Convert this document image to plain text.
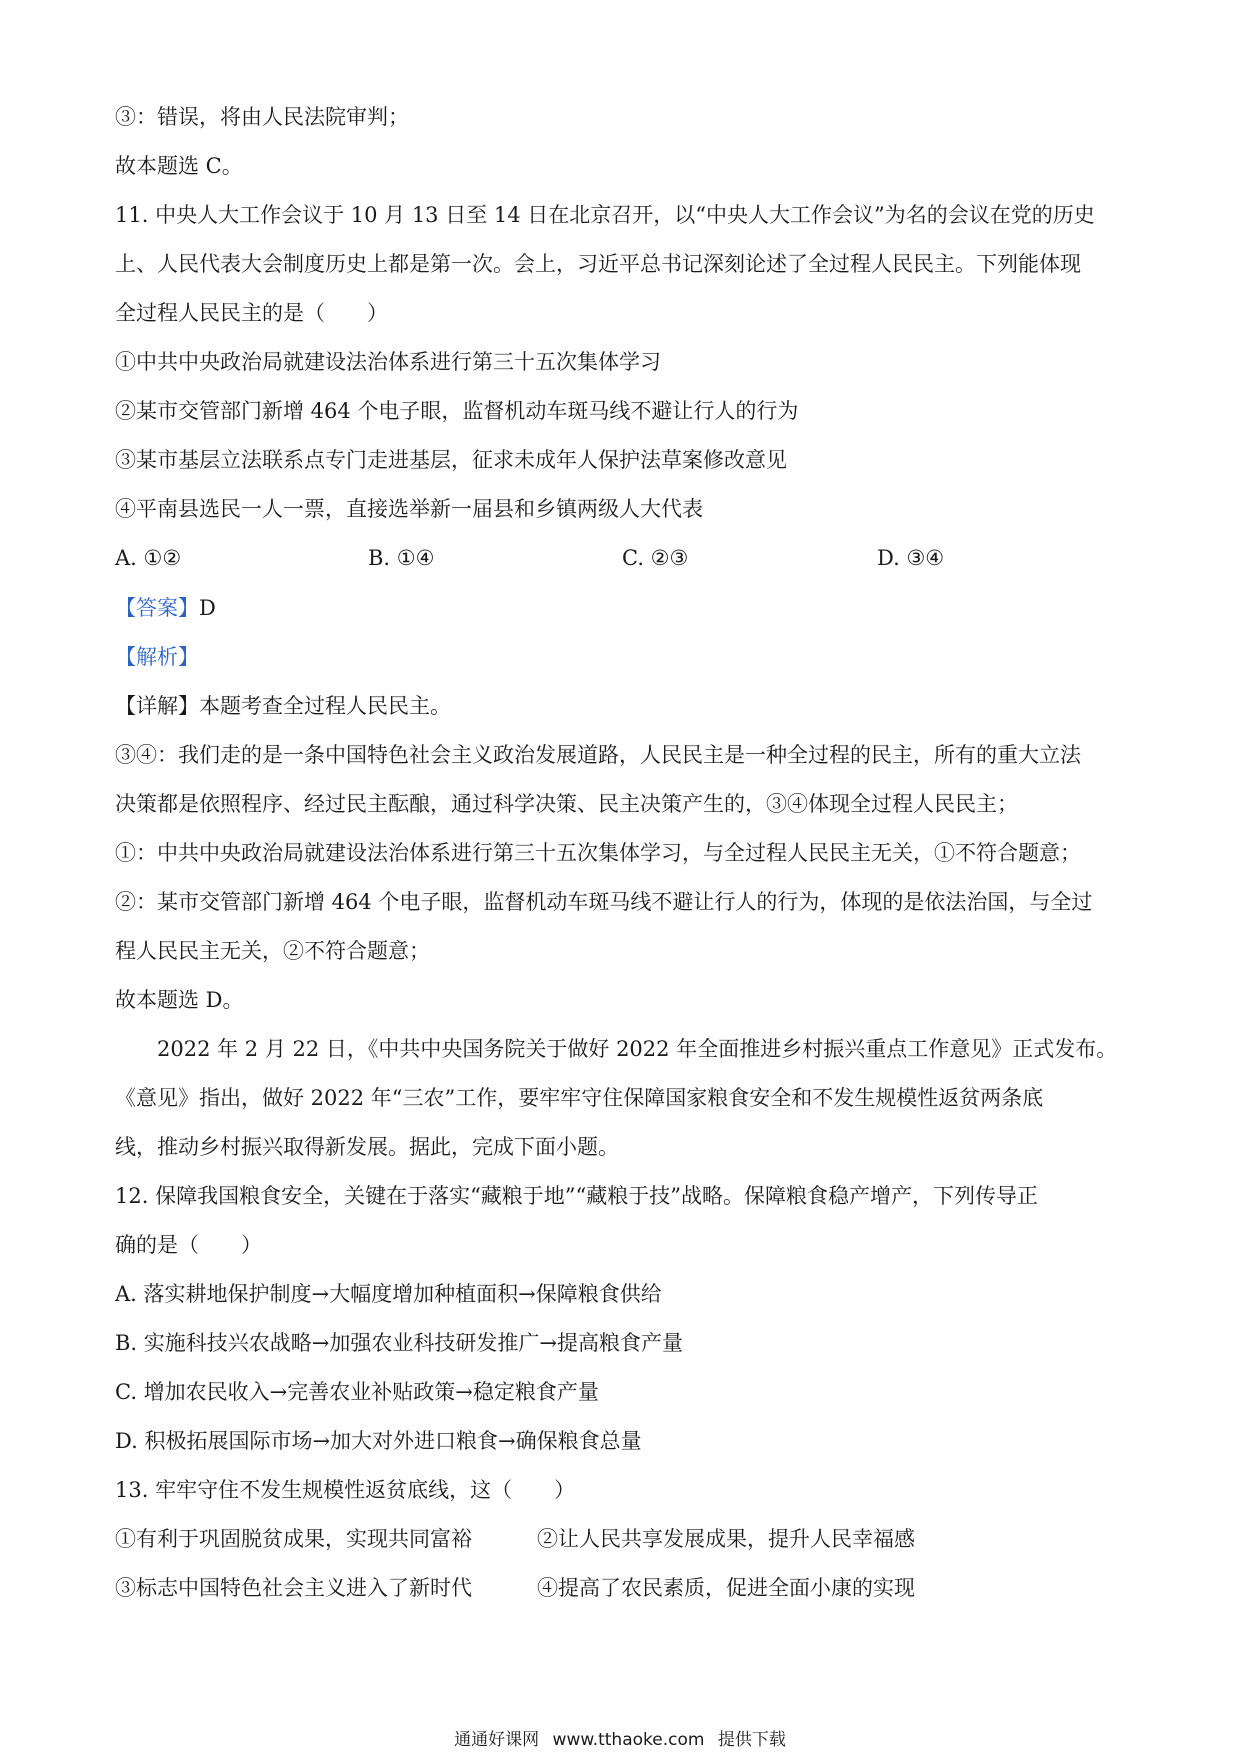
③：错误，将由人民法院审判；
故本题选 C。
11. 中央人大工作会议于 10 月 13 日至 14 日在北京召开，以“中央人大工作会议”为名的会议在党的历史
上、人民代表大会制度历史上都是第一次。会上，习近平总书记深刻论述了全过程人民民主。下列能体现
全过程人民民主的是（　　）
①中共中央政治局就建设法治体系进行第三十五次集体学习
②某市交管部门新增 464 个电子眼，监督机动车斑马线不避让行人的行为
③某市基层立法联系点专门走进基层，征求未成年人保护法草案修改意见
④平南县选民一人一票，直接选举新一届县和乡镇两级人大代表
A. ①②	B. ①④	C. ②③	D. ③④
【答案】D
【解析】
【详解】本题考查全过程人民民主。
③④：我们走的是一条中国特色社会主义政治发展道路，人民民主是一种全过程的民主，所有的重大立法
决策都是依照程序、经过民主酝酿，通过科学决策、民主决策产生的，③④体现全过程人民民主；
①：中共中央政治局就建设法治体系进行第三十五次集体学习，与全过程人民民主无关，①不符合题意；
②：某市交管部门新增 464 个电子眼，监督机动车斑马线不避让行人的行为，体现的是依法治国，与全过
程人民民主无关，②不符合题意；
故本题选 D。
　　2022 年 2 月 22 日，《中共中央国务院关于做好 2022 年全面推进乡村振兴重点工作意见》正式发布。
《意见》指出，做好 2022 年“三农”工作，要牢牢守住保障国家粮食安全和不发生规模性返贫两条底
线，推动乡村振兴取得新发展。据此，完成下面小题。
12. 保障我国粮食安全，关键在于落实“藏粮于地”“藏粮于技”战略。保障粮食稳产增产，下列传导正
确的是（　　）
A. 落实耕地保护制度→大幅度增加种植面积→保障粮食供给
B. 实施科技兴农战略→加强农业科技研发推广→提高粮食产量
C. 增加农民收入→完善农业补贴政策→稳定粮食产量
D. 积极拓展国际市场→加大对外进口粮食→确保粮食总量
13. 牢牢守住不发生规模性返贫底线，这（　　）
①有利于巩固脱贫成果，实现共同富裕	②让人民共享发展成果，提升人民幸福感
③标志中国特色社会主义进入了新时代	④提高了农民素质，促进全面小康的实现
通通好课网 www.tthaoke.com 提供下载
